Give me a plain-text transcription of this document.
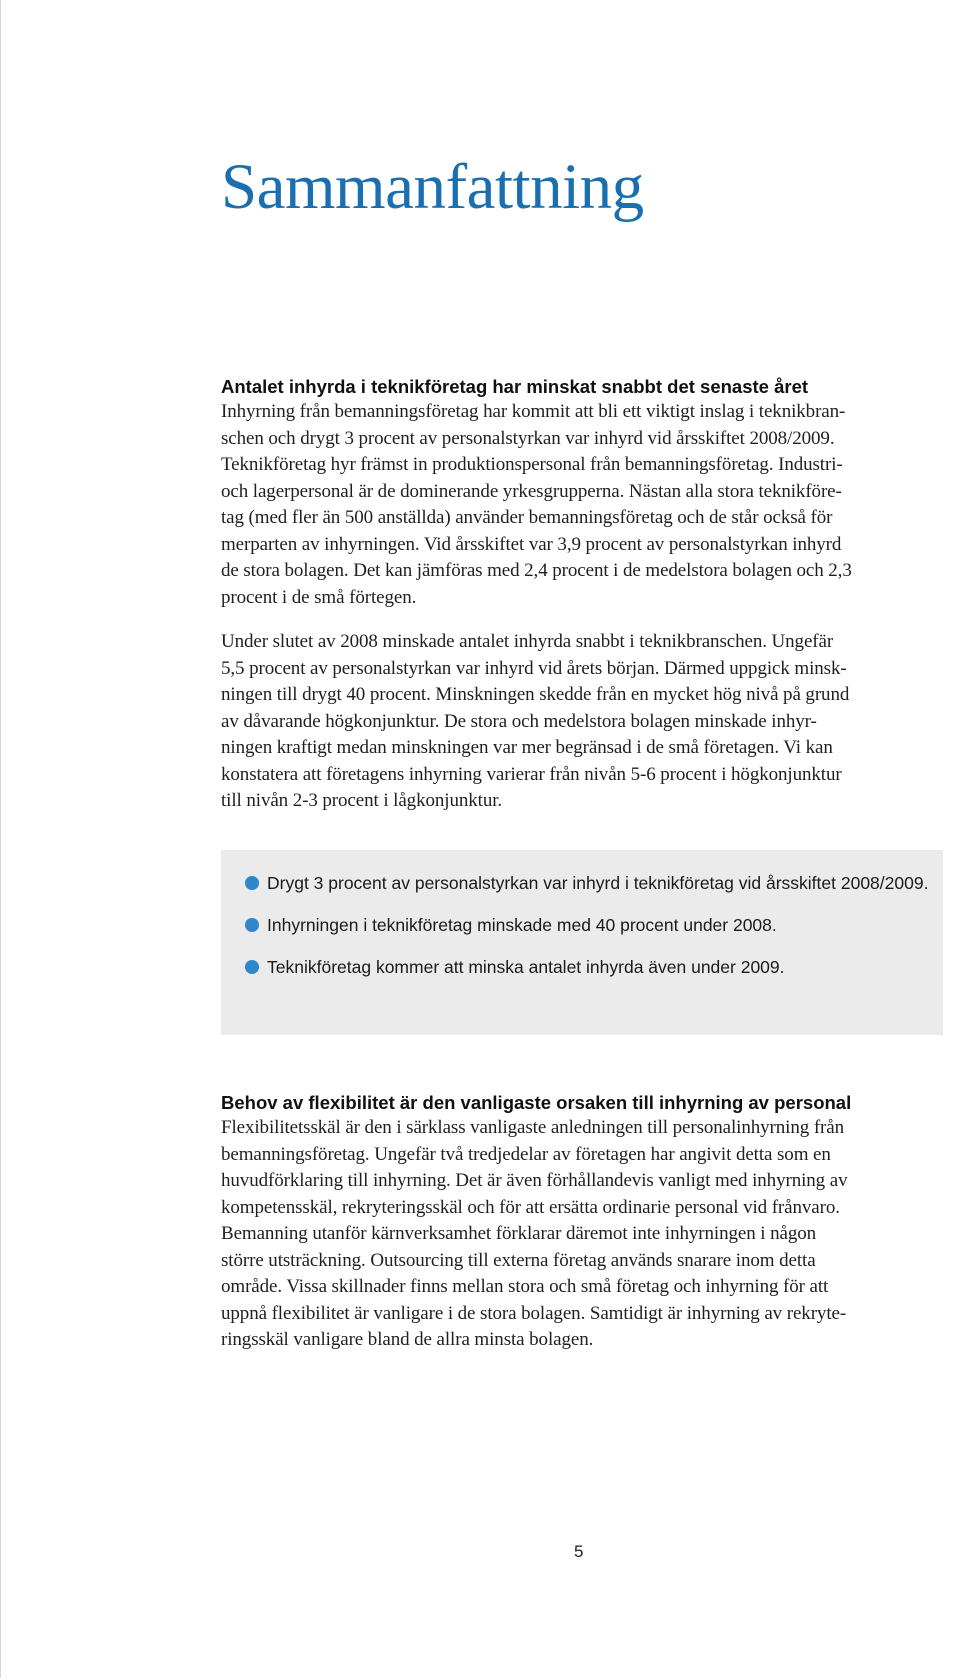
Sammanfattning
Antalet inhyrda i teknikföretag har minskat snabbt det senaste året

Inhyrning från bemanningsföretag har kommit att bli ett viktigt inslag i teknikbran-
schen och drygt 3 procent av personalstyrkan var inhyrd vid årsskiftet 2008/2009.
Teknikföretag hyr främst in produktionspersonal från bemanningsföretag. Industri-
och lagerpersonal är de dominerande yrkesgrupperna. Nästan alla stora teknikföre-
tag (med fler än 500 anställda) använder bemanningsföretag och de står också för
merparten av inhyrningen. Vid årsskiftet var 3,9 procent av personalstyrkan inhyrd
de stora bolagen. Det kan jämföras med 2,4 procent i de medelstora bolagen och 2,3
procent i de små förtegen.

Under slutet av 2008 minskade antalet inhyrda snabbt i teknikbranschen. Ungefär
5,5 procent av personalstyrkan var inhyrd vid årets början. Därmed uppgick minsk-
ningen till drygt 40 procent. Minskningen skedde från en mycket hög nivå på grund
av dåvarande högkonjunktur. De stora och medelstora bolagen minskade inhyr-
ningen kraftigt medan minskningen var mer begränsad i de små företagen. Vi kan
konstatera att företagens inhyrning varierar från nivån 5-6 procent i högkonjunktur
till nivån 2-3 procent i lågkonjunktur.

Drygt 3 procent av personalstyrkan var inhyrd i teknikföretag vid årsskiftet 2008/2009.
Inhyrningen i teknikföretag minskade med 40 procent under 2008.
Teknikföretag kommer att minska antalet inhyrda även under 2009.
Behov av flexibilitet är den vanligaste orsaken till inhyrning av personal

Flexibilitetsskäl är den i särklass vanligaste anledningen till personalinhyrning från
bemanningsföretag. Ungefär två tredjedelar av företagen har angivit detta som en
huvudförklaring till inhyrning. Det är även förhållandevis vanligt med inhyrning av
kompetensskäl, rekryteringsskäl och för att ersätta ordinarie personal vid frånvaro.
Bemanning utanför kärnverksamhet förklarar däremot inte inhyrningen i någon
större utsträckning. Outsourcing till externa företag används snarare inom detta
område. Vissa skillnader finns mellan stora och små företag och inhyrning för att
uppnå flexibilitet är vanligare i de stora bolagen. Samtidigt är inhyrning av rekryte-
ringsskäl vanligare bland de allra minsta bolagen.

5
